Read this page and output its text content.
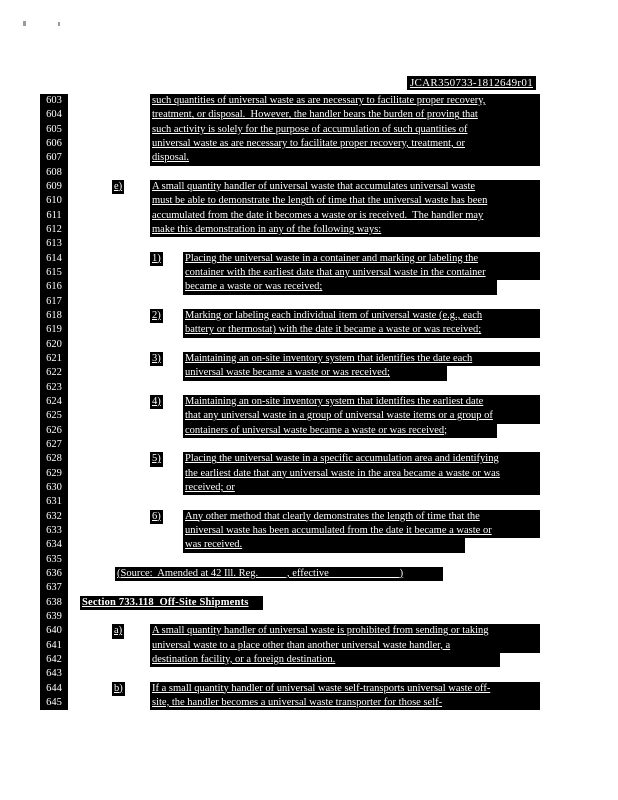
JCAR350733-1812649r01
603	such quantities of universal waste as are necessary to facilitate proper recovery,
604	treatment, or disposal.  However, the handler bears the burden of proving that
605	such activity is solely for the purpose of accumulation of such quantities of
606	universal waste as are necessary to facilitate proper recovery, treatment, or
607	disposal.
608
609	e)	A small quantity handler of universal waste that accumulates universal waste
610	must be able to demonstrate the length of time that the universal waste has been
611	accumulated from the date it becomes a waste or is received.  The handler may
612	make this demonstration in any of the following ways:
613
614	1) Placing the universal waste in a container and marking or labeling the
615	container with the earliest date that any universal waste in the container
616	became a waste or was received;
617
618	2) Marking or labeling each individual item of universal waste (e.g., each
619	battery or thermostat) with the date it became a waste or was received;
620
621	3) Maintaining an on-site inventory system that identifies the date each
622	universal waste became a waste or was received;
623
624	4) Maintaining an on-site inventory system that identifies the earliest date
625	that any universal waste in a group of universal waste items or a group of
626	containers of universal waste became a waste or was received;
627
628	5) Placing the universal waste in a specific accumulation area and identifying
629	the earliest date that any universal waste in the area became a waste or was
630	received; or
631
632	6) Any other method that clearly demonstrates the length of time that the
633	universal waste has been accumulated from the date it became a waste or
634	was received.
635
636	(Source:  Amended at 42 Ill. Reg.           , effective _____________)
637
638	Section 733.118  Off-Site Shipments
639
640	a)	A small quantity handler of universal waste is prohibited from sending or taking
641	universal waste to a place other than another universal waste handler, a
642	destination facility, or a foreign destination.
643
644	b)	If a small quantity handler of universal waste self-transports universal waste off-
645	site, the handler becomes a universal waste transporter for those self-
